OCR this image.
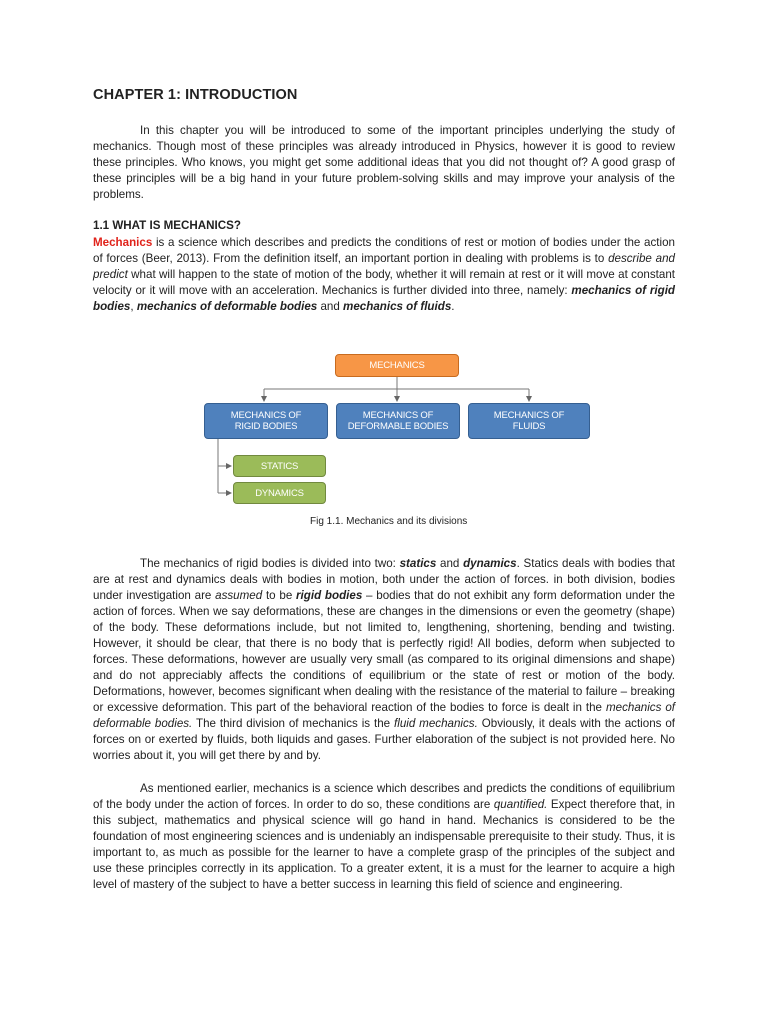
CHAPTER 1: INTRODUCTION

In this chapter you will be introduced to some of the important principles underlying the study of mechanics. Though most of these principles was already introduced in Physics, however it is good to review these principles. Who knows, you might get some additional ideas that you did not thought of? A good grasp of these principles will be a big hand in your future problem-solving skills and may improve your analysis of the problems.

1.1 WHAT IS MECHANICS?

Mechanics is a science which describes and predicts the conditions of rest or motion of bodies under the action of forces (Beer, 2013). From the definition itself, an important portion in dealing with problems is to describe and predict what will happen to the state of motion of the body, whether it will remain at rest or it will move at constant velocity or it will move with an acceleration. Mechanics is further divided into three, namely: mechanics of rigid bodies, mechanics of deformable bodies and mechanics of fluids.

MECHANICS
MECHANICS OF
RIGID BODIES
MECHANICS OF
DEFORMABLE BODIES
MECHANICS OF
FLUIDS
STATICS
DYNAMICS

Fig 1.1. Mechanics and its divisions

The mechanics of rigid bodies is divided into two: statics and dynamics. Statics deals with bodies that are at rest and dynamics deals with bodies in motion, both under the action of forces. in both division, bodies under investigation are assumed to be rigid bodies – bodies that do not exhibit any form deformation under the action of forces. When we say deformations, these are changes in the dimensions or even the geometry (shape) of the body. These deformations include, but not limited to, lengthening, shortening, bending and twisting. However, it should be clear, that there is no body that is perfectly rigid! All bodies, deform when subjected to forces. These deformations, however are usually very small (as compared to its original dimensions and shape) and do not appreciably affects the conditions of equilibrium or the state of rest or motion of the body. Deformations, however, becomes significant when dealing with the resistance of the material to failure – breaking or excessive deformation. This part of the behavioral reaction of the bodies to force is dealt in the mechanics of deformable bodies. The third division of mechanics is the fluid mechanics. Obviously, it deals with the actions of forces on or exerted by fluids, both liquids and gases. Further elaboration of the subject is not provided here. No worries about it, you will get there by and by.

As mentioned earlier, mechanics is a science which describes and predicts the conditions of equilibrium of the body under the action of forces. In order to do so, these conditions are quantified. Expect therefore that, in this subject, mathematics and physical science will go hand in hand. Mechanics is considered to be the foundation of most engineering sciences and is undeniably an indispensable prerequisite to their study. Thus, it is important to, as much as possible for the learner to have a complete grasp of the principles of the subject and use these principles correctly in its application. To a greater extent, it is a must for the learner to acquire a high level of mastery of the subject to have a better success in learning this field of science and engineering.
